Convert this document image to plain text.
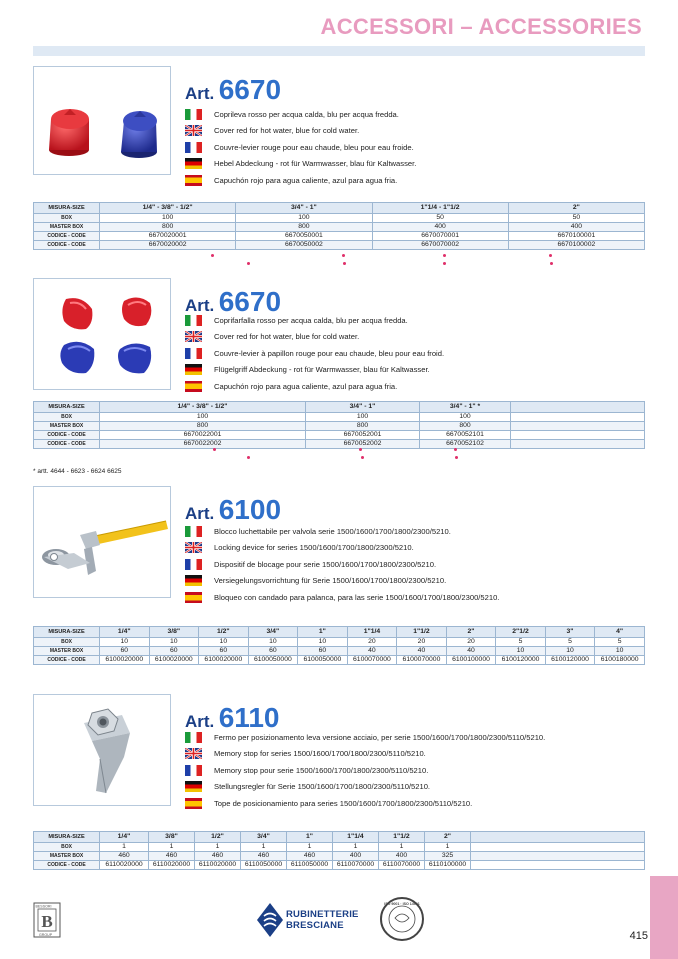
ACCESSORI – ACCESSORIES
Art. 6670
Coprileva rosso per acqua calda, blu per acqua fredda.
Cover red for hot water, blue for cold water.
Couvre-levier rouge pour eau chaude, bleu pour eau froide.
Hebel Abdeckung - rot für Warmwasser, blau für Kaltwasser.
Capuchón rojo para agua caliente, azul para agua fria.
MISURA-SIZE	1/4" - 3/8" - 1/2"	3/4" - 1"	1"1/4 - 1"1/2	2"
BOX	100	100	50	50
MASTER BOX	800	800	400	400
CODICE - CODE	6670020001	6670050001	6670070001	6670100001
CODICE - CODE	6670020002	6670050002	6670070002	6670100002
Art. 6670
Coprifarfalla rosso per acqua calda, blu per acqua fredda.
Cover red for hot water, blue for cold water.
Couvre-levier à papillon rouge pour eau chaude, bleu pour eau froid.
Flügelgriff Abdeckung - rot für Warmwasser, blau für Kaltwasser.
Capuchón rojo para agua caliente, azul para agua fria.
MISURA-SIZE	1/4" - 3/8" - 1/2"	3/4" - 1"	3/4" - 1" *	
BOX	100	100	100	
MASTER BOX	800	800	800	
CODICE - CODE	6670022001	6670052001	6670052101	
CODICE - CODE	6670022002	6670052002	6670052102	
* artt. 4644 - 6623 - 6624 6625
Art. 6100
Blocco luchettabile per valvola serie 1500/1600/1700/1800/2300/5210.
Locking device for series 1500/1600/1700/1800/2300/5210.
Dispositif de blocage pour serie 1500/1600/1700/1800/2300/5210.
Versiegelungsvorrichtung für Serie 1500/1600/1700/1800/2300/5210.
Bloqueo con candado para palanca, para las serie 1500/1600/1700/1800/2300/5210.
MISURA-SIZE	1/4"	3/8"	1/2"	3/4"	1"	1"1/4	1"1/2	2"	2"1/2	3"	4"
BOX	10	10	10	10	10	20	20	20	5	5	5
MASTER BOX	60	60	60	60	60	40	40	40	10	10	10
CODICE - CODE	6100020000	6100020000	6100020000	6100050000	6100050000	6100070000	6100070000	6100100000	6100120000	6100120000	6100180000
Art. 6110
Fermo per posizionamento leva versione acciaio, per serie 1500/1600/1700/1800/2300/5110/5210.
Memory stop for series 1500/1600/1700/1800/2300/5110/5210.
Memory stop pour serie 1500/1600/1700/1800/2300/5110/5210.
Stellungsregler für Serie 1500/1600/1700/1800/2300/5110/5210.
Tope de posicionamiento para series 1500/1600/1700/1800/2300/5110/5210.
MISURA-SIZE	1/4"	3/8"	1/2"	3/4"	1"	1"1/4	1"1/2	2"	
BOX	1	1	1	1	1	1	1	1	
MASTER BOX	460	460	460	460	460	400	400	325	
CODICE - CODE	6110020000	6110020000	6110020000	6110050000	6110050000	6110070000	6110070000	6110100000	
BESSORI
B
GROUP
RUBINETTERIE
BRESCIANE
ISO 9001 · ISO 14001
415
